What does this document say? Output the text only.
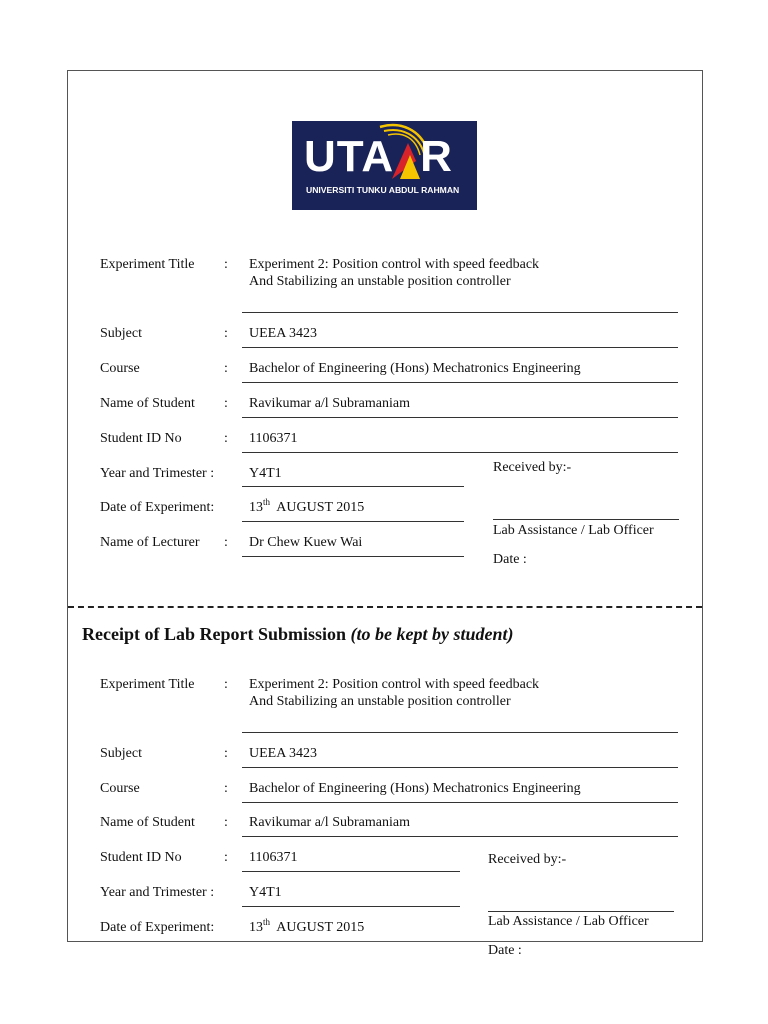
UTA R
UNIVERSITI TUNKU ABDUL RAHMAN
Experiment Title : Experiment 2: Position control with speed feedback
And Stabilizing an unstable position controller
Subject	: UEEA 3423
Course	: Bachelor of Engineering (Hons) Mechatronics Engineering
Name of Student : Ravikumar a/l Subramaniam
Student ID No	: 1106371
Year and Trimester : Y4T1	Received by:-
Date of Experiment: 13th AUGUST 2015
Lab Assistance / Lab Officer
Name of Lecturer : Dr Chew Kuew Wai
Date :
Receipt of Lab Report Submission (to be kept by student)
Experiment Title : Experiment 2: Position control with speed feedback
And Stabilizing an unstable position controller
Subject	: UEEA 3423
Course	: Bachelor of Engineering (Hons) Mechatronics Engineering
Name of Student : Ravikumar a/l Subramaniam
Student ID No	: 1106371	Received by:-
Year and Trimester : Y4T1
Lab Assistance / Lab Officer
Date of Experiment: 13th AUGUST 2015
Date :
